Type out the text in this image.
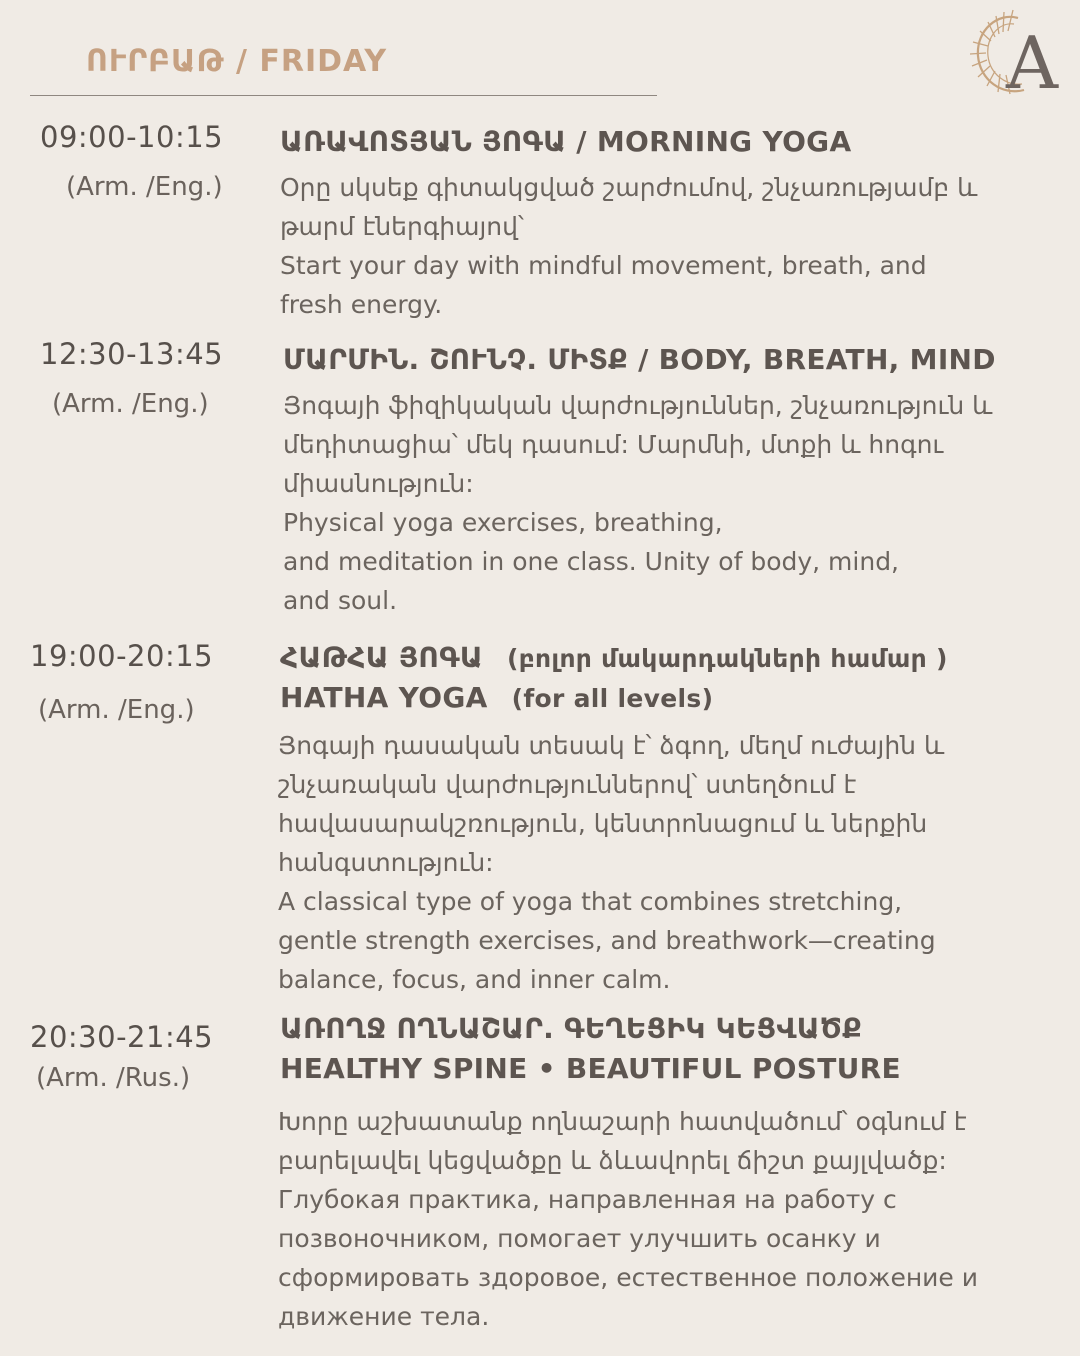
ՈՒՐԲԱԹ / FRIDAY	A
09:00-10:15
(Arm. /Eng.)
ԱՌԱՎՈՏՅԱՆ ՅՈԳԱ / MORNING YOGA
Օրը սկսեք գիտակցված շարժումով, շնչառությամբ և
թարմ էներգիայով՝
Start your day with mindful movement, breath, and
fresh energy.
12:30-13:45
(Arm. /Eng.)
ՄԱՐՄԻՆ. ՇՈՒՆՉ. ՄԻՏՔ / BODY, BREATH, MIND
Յոգայի ֆիզիկական վարժություններ, շնչառություն և
մեդիտացիա՝ մեկ դասում: Մարմնի, մտքի և հոգու
միասնություն:
Physical yoga exercises, breathing,
and meditation in one class. Unity of body, mind,
and soul.
19:00-20:15
(Arm. /Eng.)
ՀԱԹՀԱ ՅՈԳԱ (բոլոր մակարդակների համար )
HATHA YOGA (for all levels)
Յոգայի դասական տեսակ է՝ ձգող, մեղմ ուժային և
շնչառական վարժություններով՝ ստեղծում է
հավասարակշռություն, կենտրոնացում և ներքին
հանգստություն:
A classical type of yoga that combines stretching,
gentle strength exercises, and breathwork—creating
balance, focus, and inner calm.
20:30-21:45
(Arm. /Rus.)
ԱՌՈՂՋ ՈՂՆԱՇԱՐ. ԳԵՂԵՑԻԿ ԿԵՑՎԱԾՔ
HEALTHY SPINE • BEAUTIFUL POSTURE
Խորը աշխատանք ողնաշարի հատվածում՝ օգնում է
բարելավել կեցվածքը և ձևավորել ճիշտ քայլվածք:
Глубокая практика, направленная на работу с
позвоночником, помогает улучшить осанку и
сформировать здоровое, естественное положение и
движение тела.
